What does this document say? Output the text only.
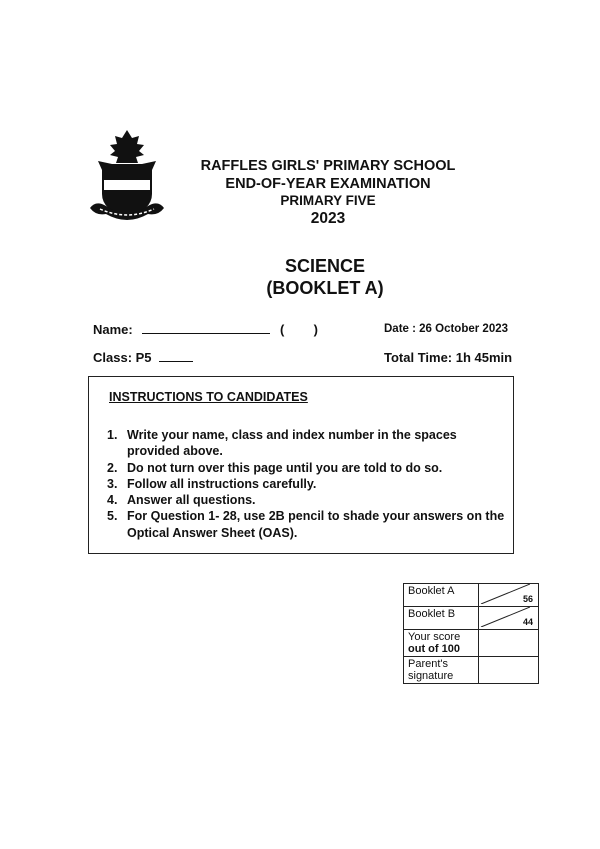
RAFFLES GIRLS' PRIMARY SCHOOL

END-OF-YEAR EXAMINATION

PRIMARY FIVE

2023

SCIENCE

(BOOKLET A)

Name:	( )	Date : 26 October 2023
Class: P5	Total Time: 1h 45min

INSTRUCTIONS TO CANDIDATES

1. Write your name, class and index number in the spaces provided above.
2. Do not turn over this page until you are told to do so.
3. Follow all instructions carefully.
4. Answer all questions.
5. For Question 1- 28, use 2B pencil to shade your answers on the Optical Answer Sheet (OAS).
Booklet A	56

Booklet B	44

Your score
out of 100	

Parent's
signature	
